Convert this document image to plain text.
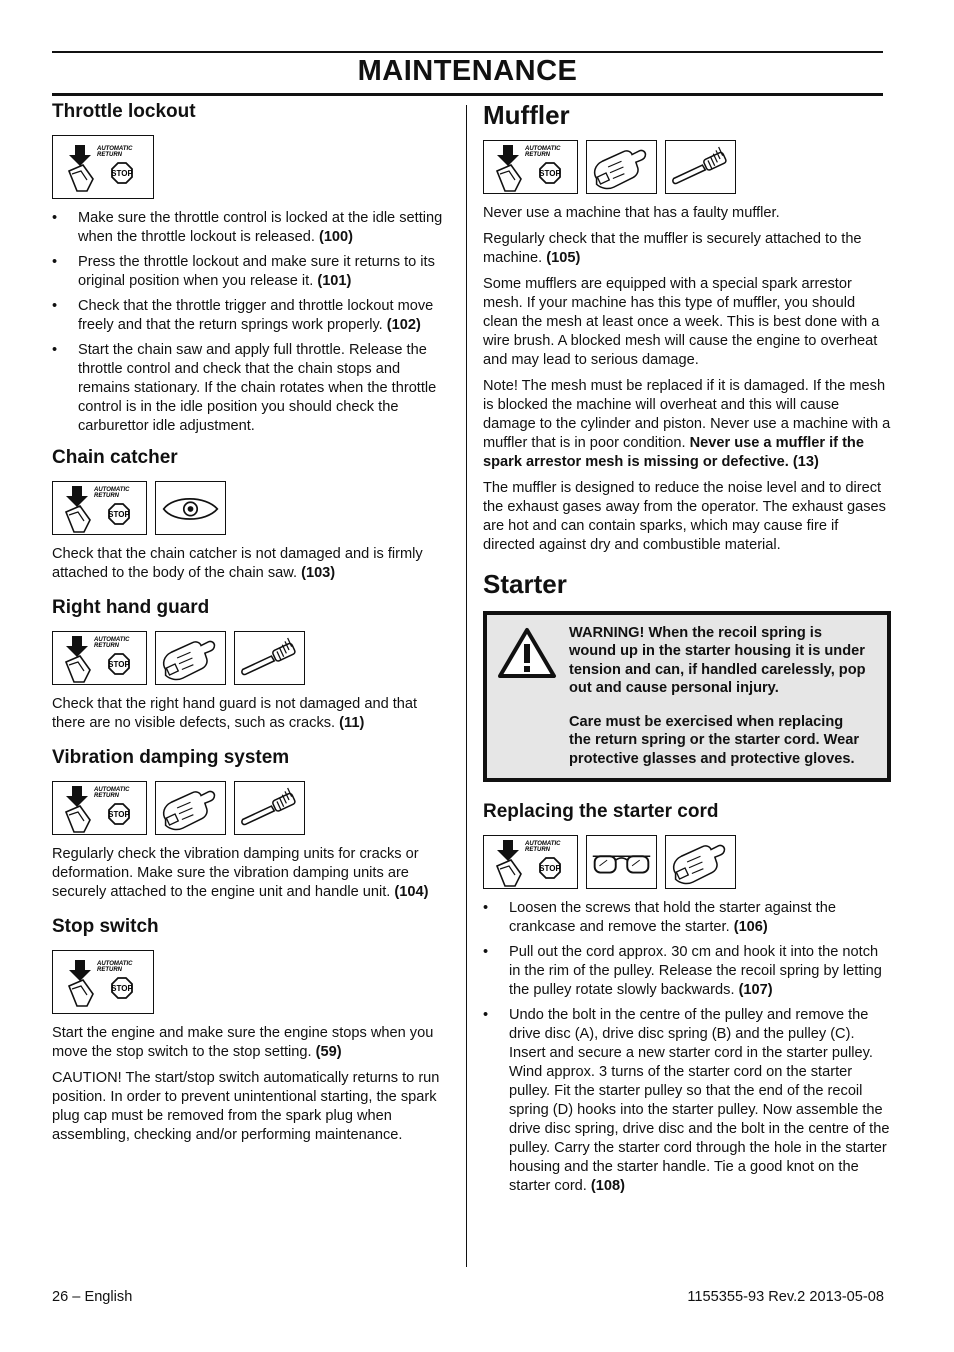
MAINTENANCE
Throttle lockout
• Make sure the throttle control is locked at the idle setting when the throttle lockout is released. (100)
• Press the throttle lockout and make sure it returns to its original position when you release it. (101)
• Check that the throttle trigger and throttle lockout move freely and that the return springs work properly. (102)
• Start the chain saw and apply full throttle. Release the throttle control and check that the chain stops and remains stationary. If the chain rotates when the throttle control is in the idle position you should check the carburettor idle adjustment.
Chain catcher

Check that the chain catcher is not damaged and is firmly attached to the body of the chain saw. (103)

Right hand guard

Check that the right hand guard is not damaged and that there are no visible defects, such as cracks. (11)

Vibration damping system

Regularly check the vibration damping units for cracks or deformation. Make sure the vibration damping units are securely attached to the engine unit and handle unit. (104)

Stop switch

Start the engine and make sure the engine stops when you move the stop switch to the stop setting. (59)

CAUTION! The start/stop switch automatically returns to run position. In order to prevent unintentional starting, the spark plug cap must be removed from the spark plug when assembling, checking and/or performing maintenance.

Muffler

Never use a machine that has a faulty muffler.

Regularly check that the muffler is securely attached to the machine. (105)

Some mufflers are equipped with a special spark arrestor mesh. If your machine has this type of muffler, you should clean the mesh at least once a week. This is best done with a wire brush. A blocked mesh will cause the engine to overheat and may lead to serious damage.

Note! The mesh must be replaced if it is damaged. If the mesh is blocked the machine will overheat and this will cause damage to the cylinder and piston. Never use a machine with a muffler that is in poor condition. Never use a muffler if the spark arrestor mesh is missing or defective. (13)

The muffler is designed to reduce the noise level and to direct the exhaust gases away from the operator. The exhaust gases are hot and can contain sparks, which may cause fire if directed against dry and combustible material.

Starter

WARNING! When the recoil spring is wound up in the starter housing it is under tension and can, if handled carelessly, pop out and cause personal injury.

Care must be exercised when replacing the return spring or the starter cord. Wear protective glasses and protective gloves.

Replacing the starter cord
• Loosen the screws that hold the starter against the crankcase and remove the starter. (106)
• Pull out the cord approx. 30 cm and hook it into the notch in the rim of the pulley. Release the recoil spring by letting the pulley rotate slowly backwards. (107)
• Undo the bolt in the centre of the pulley and remove the drive disc (A), drive disc spring (B) and the pulley (C). Insert and secure a new starter cord in the starter pulley. Wind approx. 3 turns of the starter cord on the starter pulley. Fit the starter pulley so that the end of the recoil spring (D) hooks into the starter pulley. Now assemble the drive disc spring, drive disc and the bolt in the centre of the pulley. Carry the starter cord through the hole in the starter housing and the starter handle. Tie a good knot on the starter cord. (108)
26 – English	1155355-93 Rev.2 2013-05-08
